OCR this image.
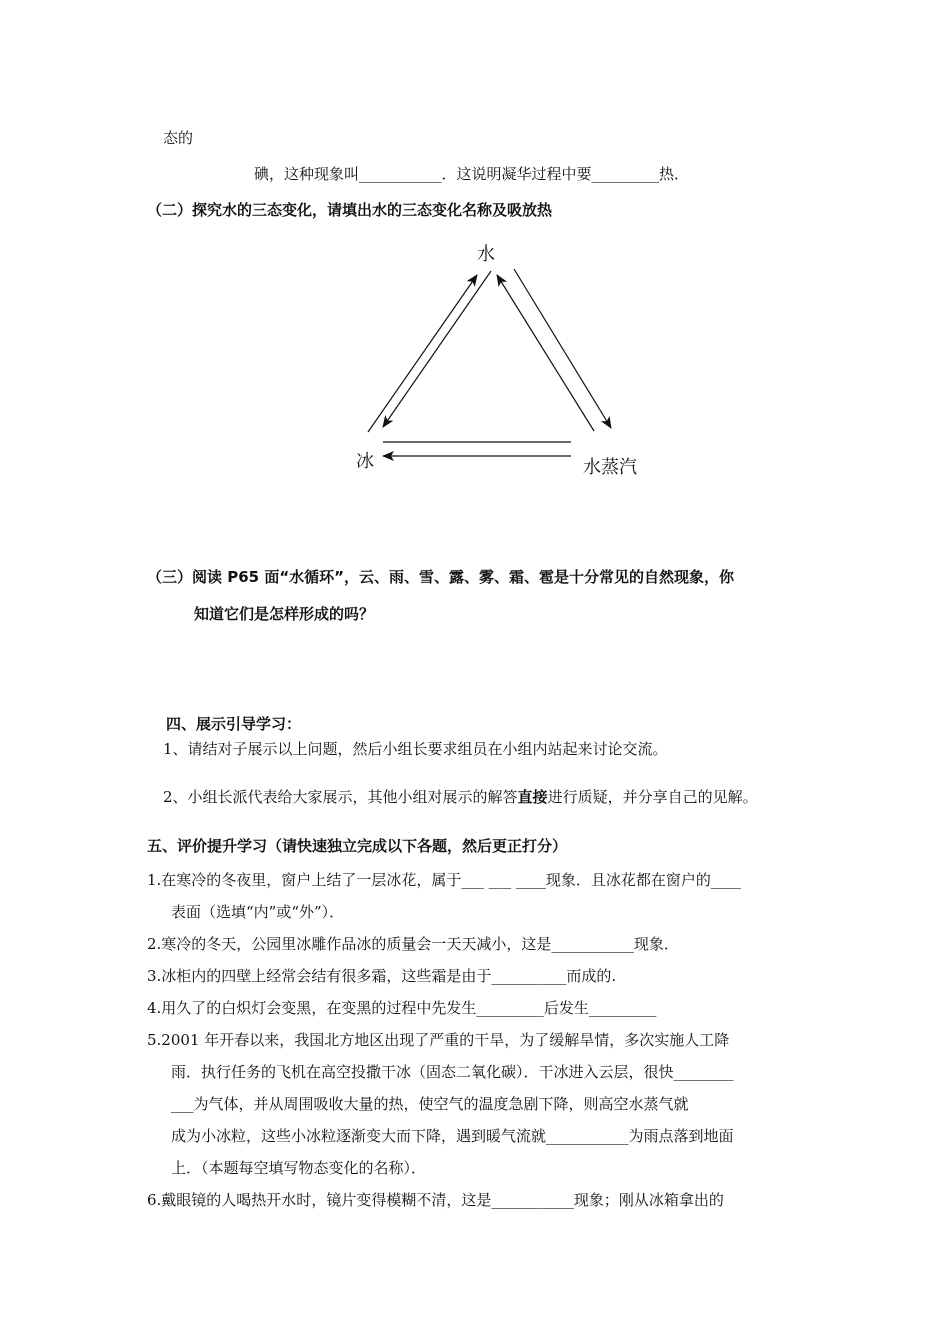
态的
碘，这种现象叫___________．这说明凝华过程中要_________热．
（二）探究水的三态变化，请填出水的三态变化名称及吸放热
水
冰	水蒸汽
（三）阅读 P65 面“水循环”，云、雨、雪、露、雾、霜、雹是十分常见的自然现象，你
知道它们是怎样形成的吗？
四、展示引导学习：
1、请结对子展示以上问题，然后小组长要求组员在小组内站起来讨论交流。
2、小组长派代表给大家展示，其他小组对展示的解答直接进行质疑，并分享自己的见解。
五、评价提升学习（请快速独立完成以下各题，然后更正打分）
1.在寒冷的冬夜里，窗户上结了一层冰花，属于___ ___ ____现象．且冰花都在窗户的____
表面（选填“内”或“外”）．
2.寒冷的冬天，公园里冰雕作品冰的质量会一天天减小，这是___________现象．
3.冰柜内的四壁上经常会结有很多霜，这些霜是由于__________而成的.
4.用久了的白炽灯会变黑，在变黑的过程中先发生_________后发生_________
5.2001 年开春以来，我国北方地区出现了严重的干旱，为了缓解旱情，多次实施人工降
雨．执行任务的飞机在高空投撒干冰（固态二氧化碳）．干冰进入云层，很快________
___为气体，并从周围吸收大量的热，使空气的温度急剧下降，则高空水蒸气就
成为小冰粒，这些小冰粒逐渐变大而下降，遇到暖气流就___________为雨点落到地面
上．（本题每空填写物态变化的名称）．
6.戴眼镜的人喝热开水时，镜片变得模糊不清，这是___________现象；刚从冰箱拿出的
